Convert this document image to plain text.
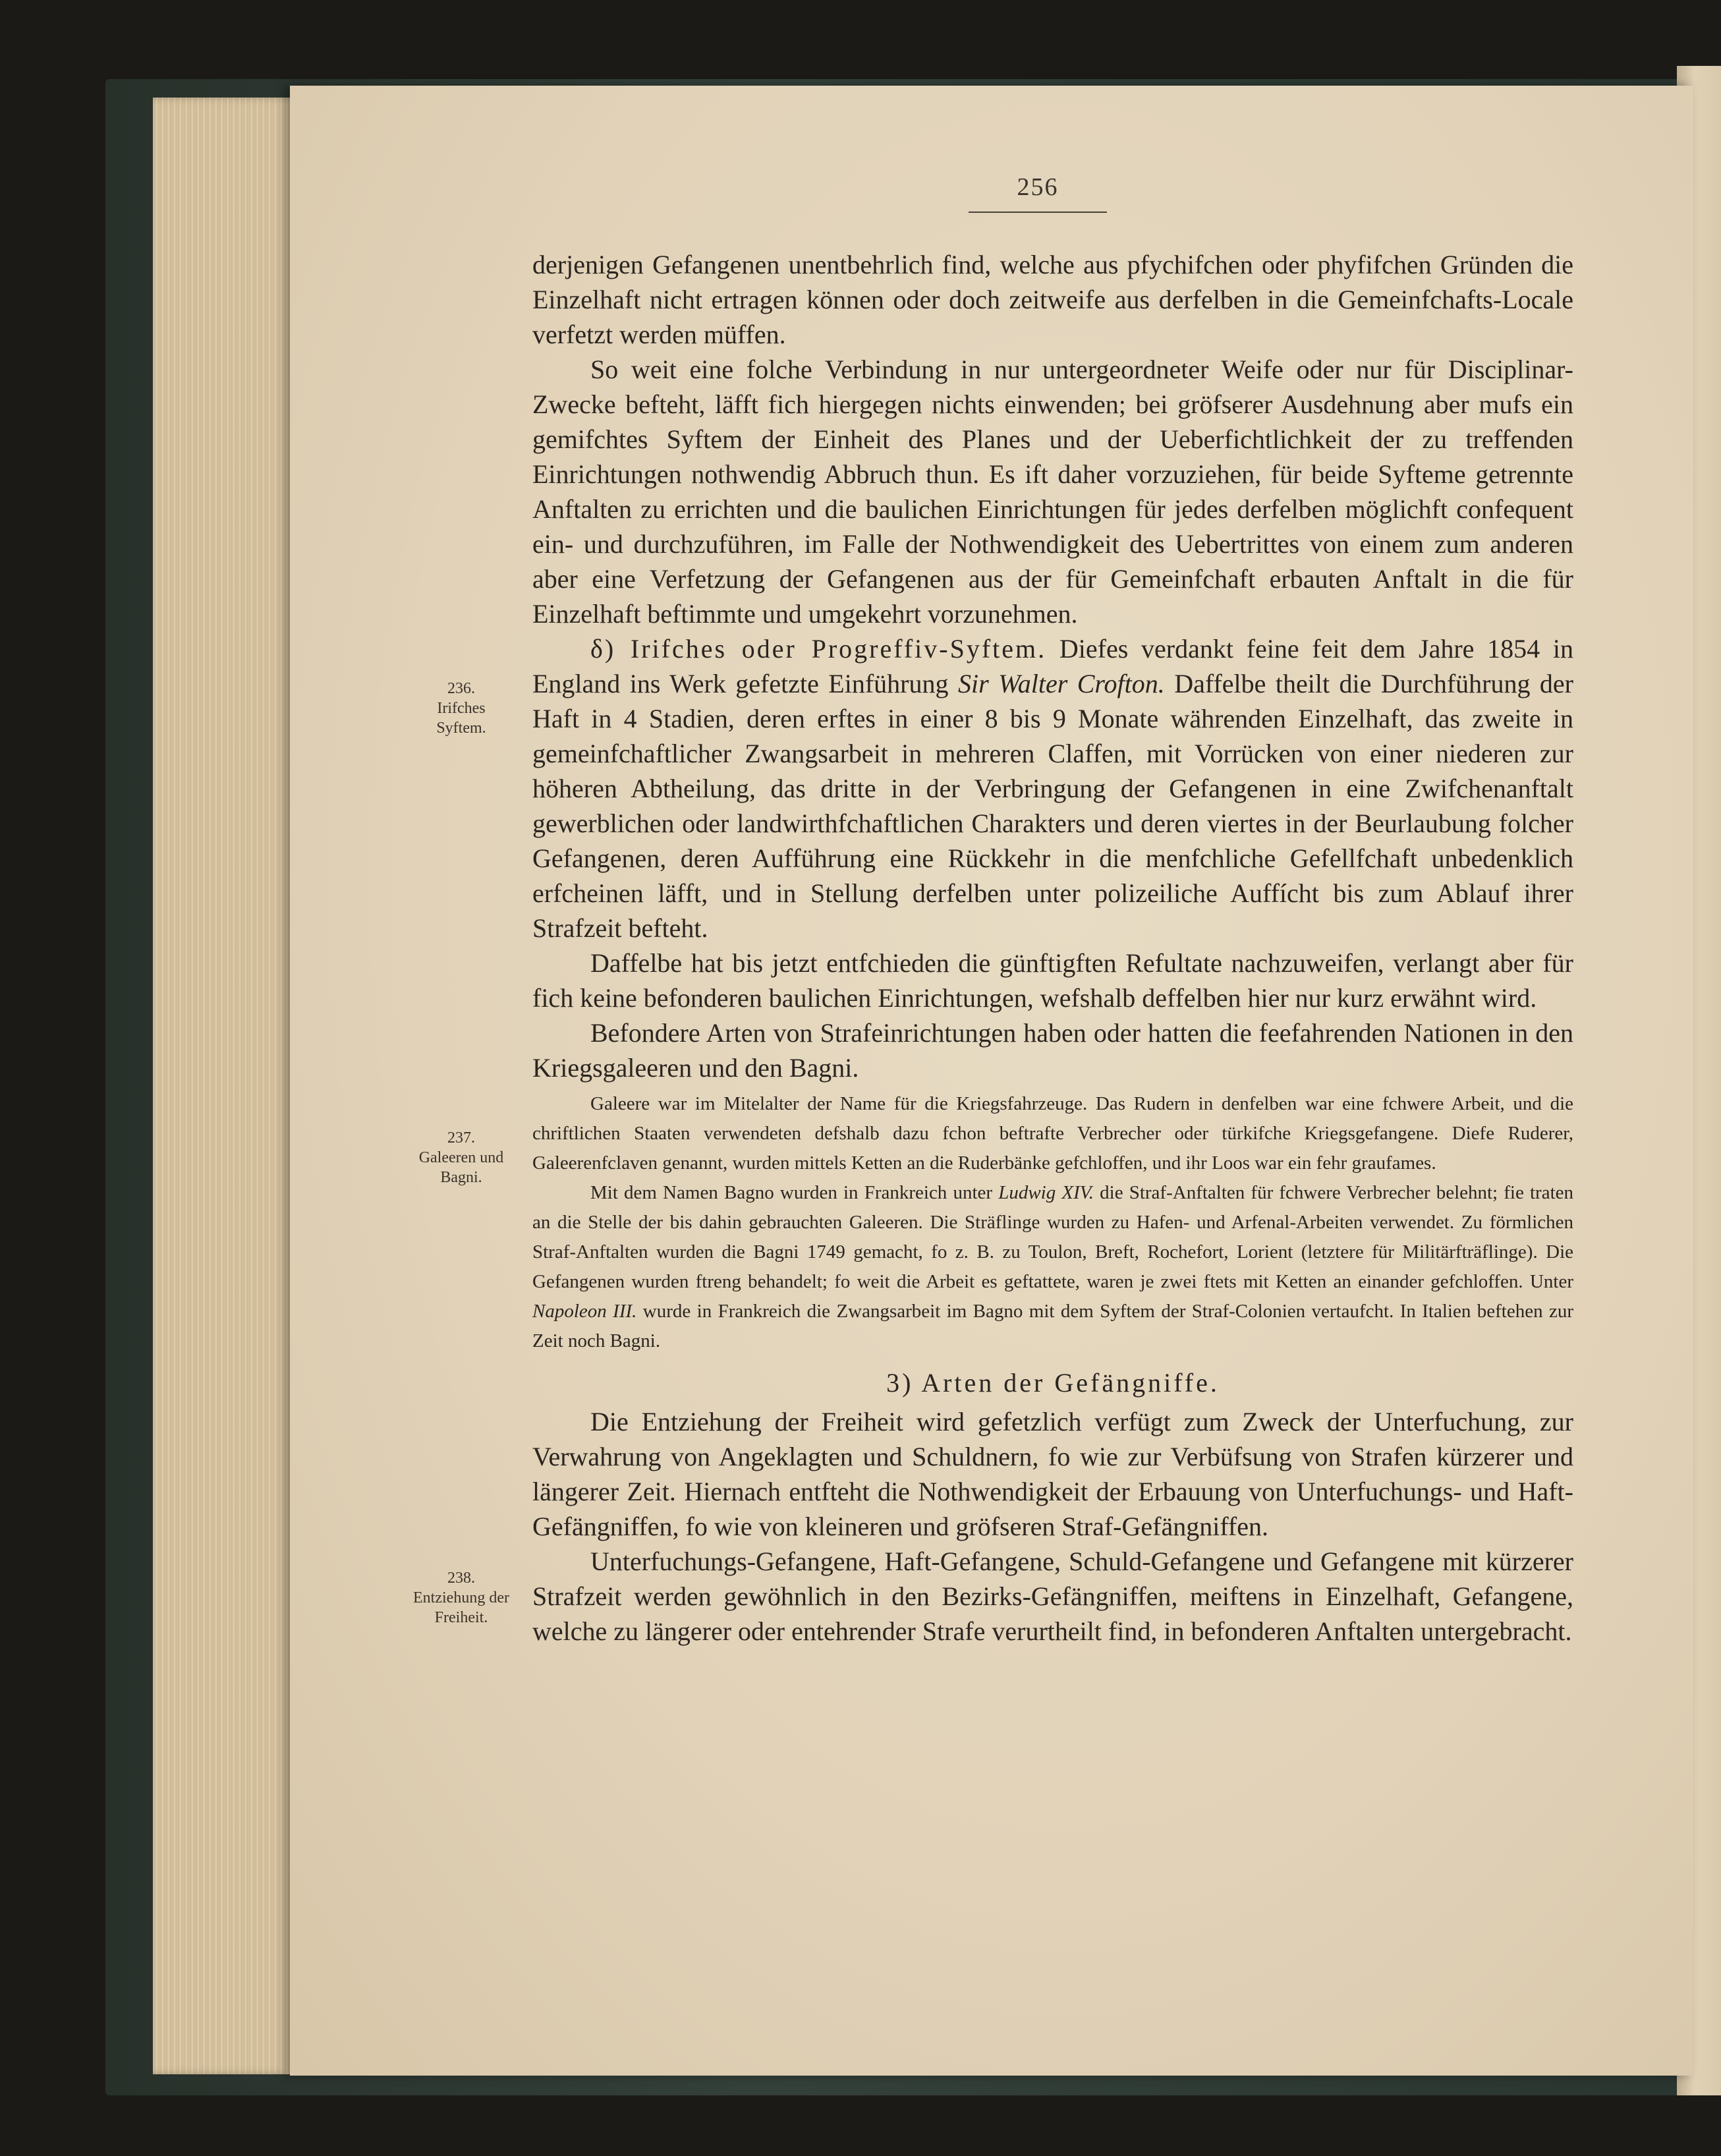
256
236.
Irifches Syftem.
237.
Galeeren und Bagni.
238.
Entziehung der Freiheit.

derjenigen Gefangenen unentbehrlich find, welche aus pfychifchen oder phyfifchen Gründen die Einzelhaft nicht ertragen können oder doch zeitweife aus derfelben in die Gemeinfchafts-Locale verfetzt werden müffen.

So weit eine folche Verbindung in nur untergeordneter Weife oder nur für Disciplinar-Zwecke befteht, läfft fich hiergegen nichts einwenden; bei gröfserer Ausdehnung aber mufs ein gemifchtes Syftem der Einheit des Planes und der Ueberfichtlichkeit der zu treffenden Einrichtungen nothwendig Abbruch thun. Es ift daher vorzuziehen, für beide Syfteme getrennte Anftalten zu errichten und die baulichen Einrichtungen für jedes derfelben möglichft confequent ein- und durchzuführen, im Falle der Nothwendigkeit des Uebertrittes von einem zum anderen aber eine Verfetzung der Gefangenen aus der für Gemeinfchaft erbauten Anftalt in die für Einzelhaft beftimmte und umgekehrt vorzunehmen.

δ) Irifches oder Progreffiv-Syftem. Diefes verdankt feine feit dem Jahre 1854 in England ins Werk gefetzte Einführung Sir Walter Crofton. Daffelbe theilt die Durchführung der Haft in 4 Stadien, deren erftes in einer 8 bis 9 Monate währenden Einzelhaft, das zweite in gemeinfchaftlicher Zwangsarbeit in mehreren Claffen, mit Vorrücken von einer niederen zur höheren Abtheilung, das dritte in der Verbringung der Gefangenen in eine Zwifchenanftalt gewerblichen oder landwirthfchaftlichen Charakters und deren viertes in der Beurlaubung folcher Gefangenen, deren Aufführung eine Rückkehr in die menfchliche Gefellfchaft unbedenklich erfcheinen läfft, und in Stellung derfelben unter polizeiliche Auffícht bis zum Ablauf ihrer Strafzeit befteht.

Daffelbe hat bis jetzt entfchieden die günftigften Refultate nachzuweifen, verlangt aber für fich keine befonderen baulichen Einrichtungen, wefshalb deffelben hier nur kurz erwähnt wird.

Befondere Arten von Strafeinrichtungen haben oder hatten die feefahrenden Nationen in den Kriegsgaleeren und den Bagni.

Galeere war im Mitelalter der Name für die Kriegsfahrzeuge. Das Rudern in denfelben war eine fchwere Arbeit, und die chriftlichen Staaten verwendeten defshalb dazu fchon beftrafte Verbrecher oder türkifche Kriegsgefangene. Diefe Ruderer, Galeerenfclaven genannt, wurden mittels Ketten an die Ruderbänke gefchloffen, und ihr Loos war ein fehr graufames.

Mit dem Namen Bagno wurden in Frankreich unter Ludwig XIV. die Straf-Anftalten für fchwere Verbrecher belehnt; fie traten an die Stelle der bis dahin gebrauchten Galeeren. Die Sträflinge wurden zu Hafen- und Arfenal-Arbeiten verwendet. Zu förmlichen Straf-Anftalten wurden die Bagni 1749 gemacht, fo z. B. zu Toulon, Breft, Rochefort, Lorient (letztere für Militärfträflinge). Die Gefangenen wurden ftreng behandelt; fo weit die Arbeit es geftattete, waren je zwei ftets mit Ketten an einander gefchloffen. Unter Napoleon III. wurde in Frankreich die Zwangsarbeit im Bagno mit dem Syftem der Straf-Colonien vertaufcht. In Italien beftehen zur Zeit noch Bagni.

3) Arten der Gefängniffe.

Die Entziehung der Freiheit wird gefetzlich verfügt zum Zweck der Unterfuchung, zur Verwahrung von Angeklagten und Schuldnern, fo wie zur Verbüfsung von Strafen kürzerer und längerer Zeit. Hiernach entfteht die Nothwendigkeit der Erbauung von Unterfuchungs- und Haft-Gefängniffen, fo wie von kleineren und gröfseren Straf-Gefängniffen.

Unterfuchungs-Gefangene, Haft-Gefangene, Schuld-Gefangene und Gefangene mit kürzerer Strafzeit werden gewöhnlich in den Bezirks-Gefängniffen, meiftens in Einzelhaft, Gefangene, welche zu längerer oder entehrender Strafe verurtheilt find, in befonderen Anftalten untergebracht.
